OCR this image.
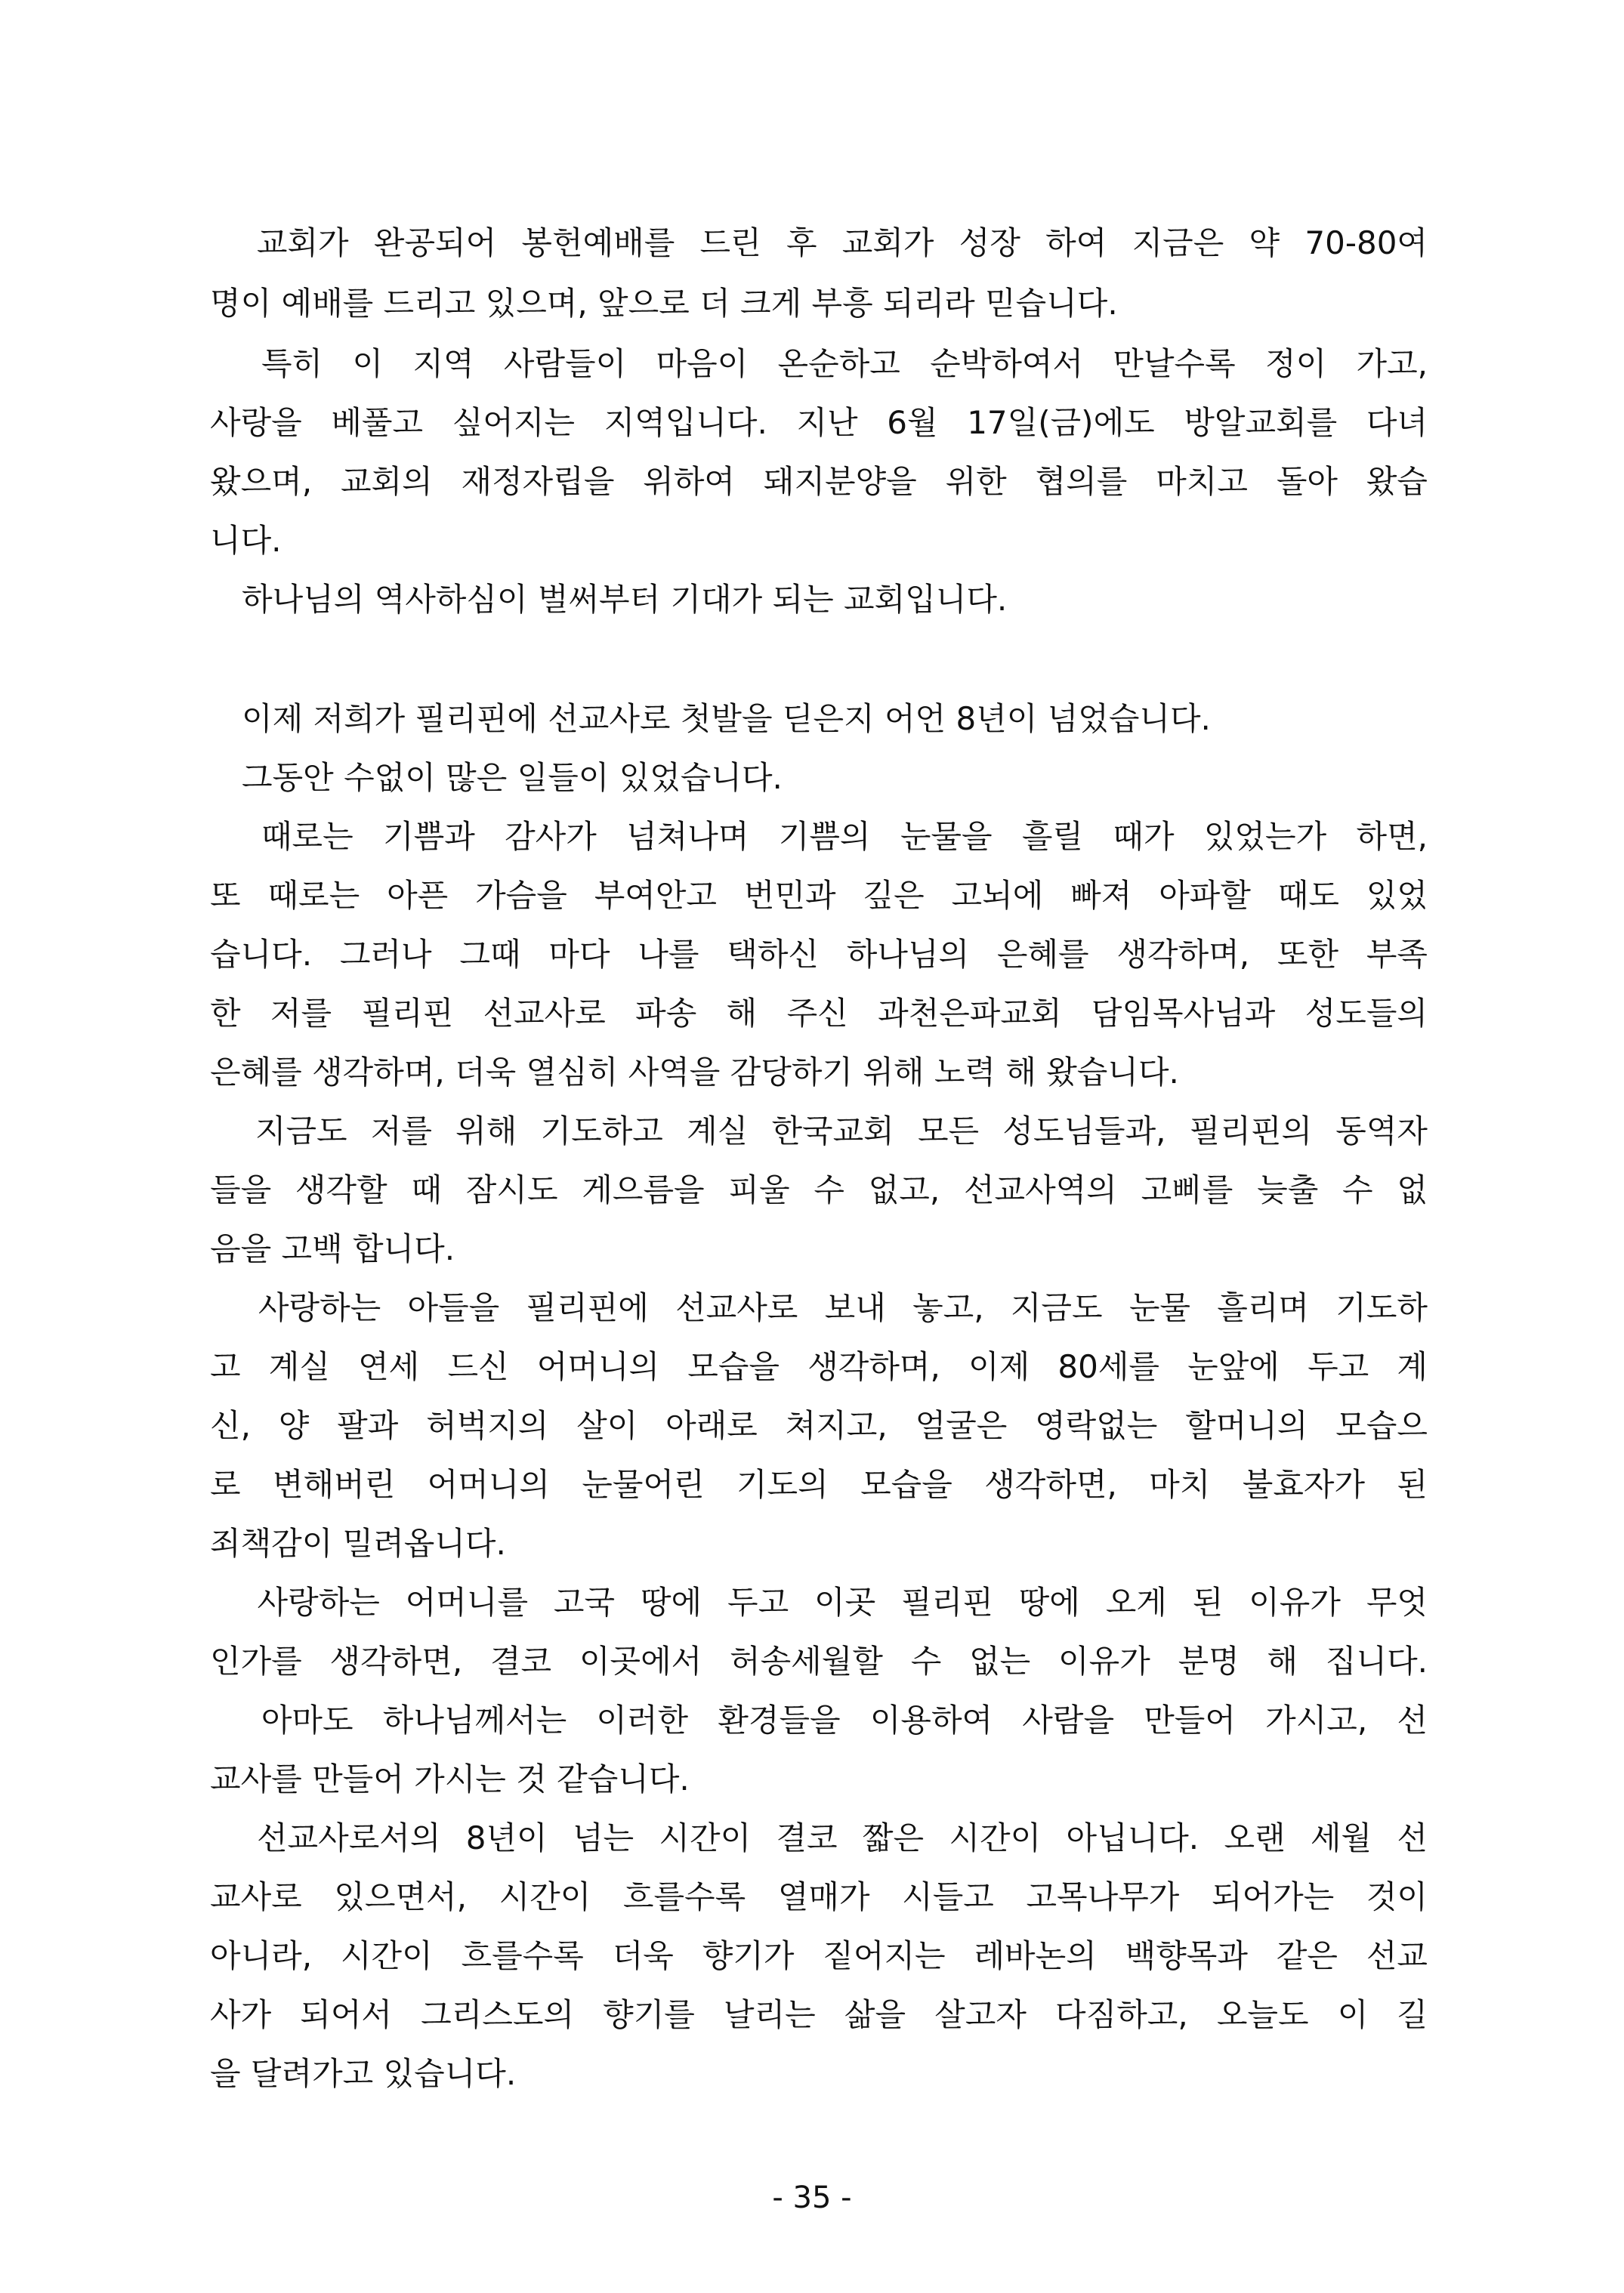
　교회가 완공되어 봉헌예배를 드린 후 교회가 성장 하여 지금은 약 70-80여
명이 예배를 드리고 있으며, 앞으로 더 크게 부흥 되리라 믿습니다.
　특히 이 지역 사람들이 마음이 온순하고 순박하여서 만날수록 정이 가고,
사랑을 베풀고 싶어지는 지역입니다. 지난 6월 17일(금)에도 방알교회를 다녀
왔으며, 교회의 재정자립을 위하여 돼지분양을 위한 협의를 마치고 돌아 왔습
니다.
　하나님의 역사하심이 벌써부터 기대가 되는 교회입니다.
　이제 저희가 필리핀에 선교사로 첫발을 딛은지 어언 8년이 넘었습니다.
　그동안 수없이 많은 일들이 있었습니다.
　때로는 기쁨과 감사가 넘쳐나며 기쁨의 눈물을 흘릴 때가 있었는가 하면,
또 때로는 아픈 가슴을 부여안고 번민과 깊은 고뇌에 빠져 아파할 때도 있었
습니다. 그러나 그때 마다 나를 택하신 하나님의 은혜를 생각하며, 또한 부족
한 저를 필리핀 선교사로 파송 해 주신 과천은파교회 담임목사님과 성도들의
은혜를 생각하며, 더욱 열심히 사역을 감당하기 위해 노력 해 왔습니다.
　지금도 저를 위해 기도하고 계실 한국교회 모든 성도님들과, 필리핀의 동역자
들을 생각할 때 잠시도 게으름을 피울 수 없고, 선교사역의 고삐를 늦출 수 없
음을 고백 합니다.
　사랑하는 아들을 필리핀에 선교사로 보내 놓고, 지금도 눈물 흘리며 기도하
고 계실 연세 드신 어머니의 모습을 생각하며, 이제 80세를 눈앞에 두고 계
신, 양 팔과 허벅지의 살이 아래로 쳐지고, 얼굴은 영락없는 할머니의 모습으
로 변해버린 어머니의 눈물어린 기도의 모습을 생각하면, 마치 불효자가 된
죄책감이 밀려옵니다.
　사랑하는 어머니를 고국 땅에 두고 이곳 필리핀 땅에 오게 된 이유가 무엇
인가를 생각하면, 결코 이곳에서 허송세월할 수 없는 이유가 분명 해 집니다.
　아마도 하나님께서는 이러한 환경들을 이용하여 사람을 만들어 가시고, 선
교사를 만들어 가시는 것 같습니다.
　선교사로서의 8년이 넘는 시간이 결코 짧은 시간이 아닙니다. 오랜 세월 선
교사로 있으면서, 시간이 흐를수록 열매가 시들고 고목나무가 되어가는 것이
아니라, 시간이 흐를수록 더욱 향기가 짙어지는 레바논의 백향목과 같은 선교
사가 되어서 그리스도의 향기를 날리는 삶을 살고자 다짐하고, 오늘도 이 길
을 달려가고 있습니다.
- 35 -
